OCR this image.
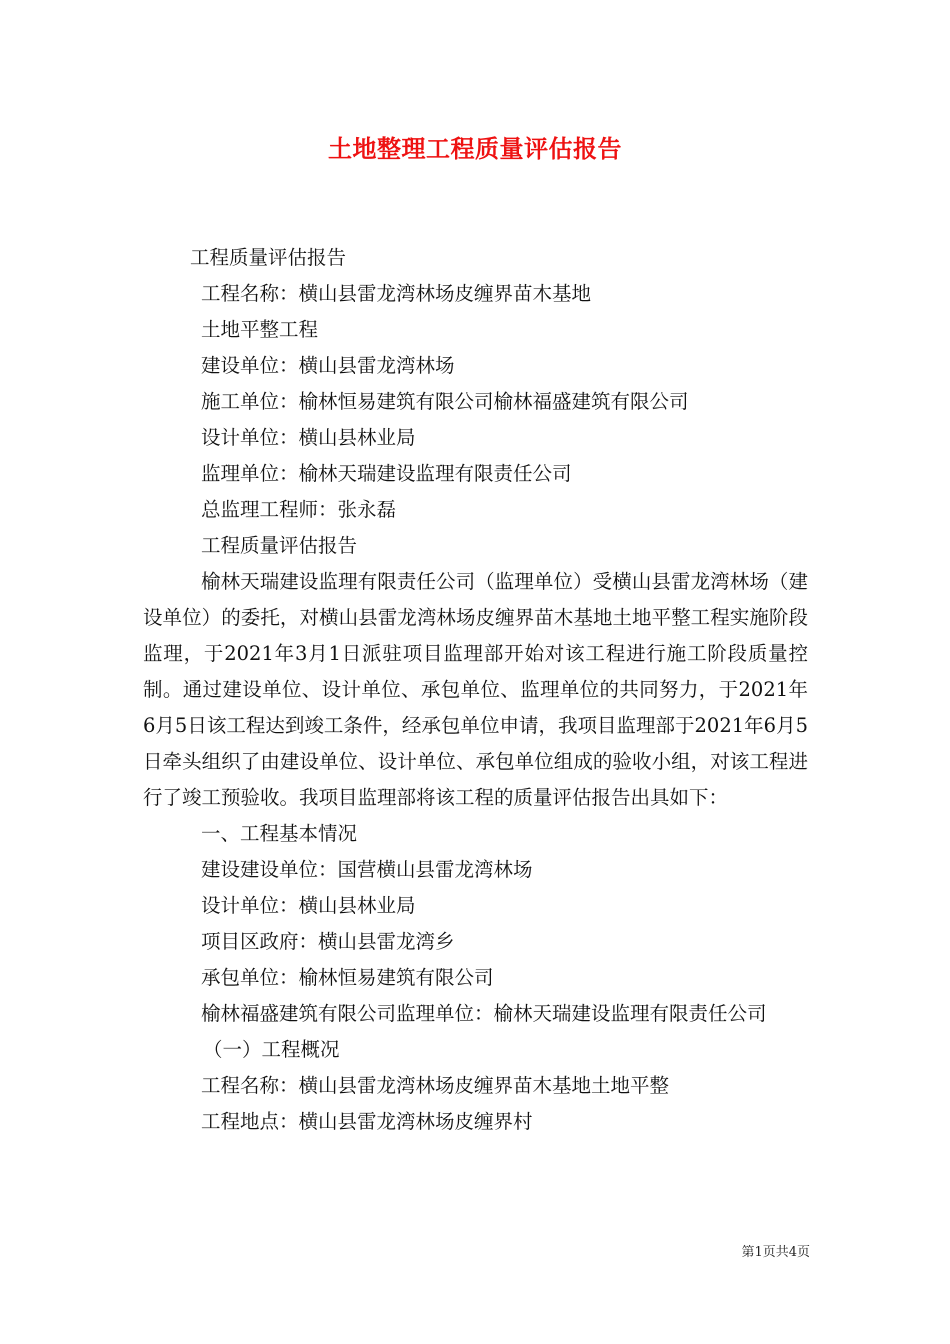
土地整理工程质量评估报告

工程质量评估报告

工程名称：横山县雷龙湾林场皮缠界苗木基地

土地平整工程

建设单位：横山县雷龙湾林场

施工单位：榆林恒易建筑有限公司榆林福盛建筑有限公司

设计单位：横山县林业局

监理单位：榆林天瑞建设监理有限责任公司

总监理工程师：张永磊

工程质量评估报告

榆林天瑞建设监理有限责任公司（监理单位）受横山县雷龙湾林场（建设单位）的委托，对横山县雷龙湾林场皮缠界苗木基地土地平整工程实施阶段监理，于2021年3月1日派驻项目监理部开始对该工程进行施工阶段质量控制。通过建设单位、设计单位、承包单位、监理单位的共同努力，于2021年6月5日该工程达到竣工条件，经承包单位申请，我项目监理部于2021年6月5日牵头组织了由建设单位、设计单位、承包单位组成的验收小组，对该工程进行了竣工预验收。我项目监理部将该工程的质量评估报告出具如下：

一、工程基本情况

建设建设单位：国营横山县雷龙湾林场

设计单位：横山县林业局

项目区政府：横山县雷龙湾乡

承包单位：榆林恒易建筑有限公司

榆林福盛建筑有限公司监理单位：榆林天瑞建设监理有限责任公司

（一）工程概况

工程名称：横山县雷龙湾林场皮缠界苗木基地土地平整

工程地点：横山县雷龙湾林场皮缠界村

第1页共4页
